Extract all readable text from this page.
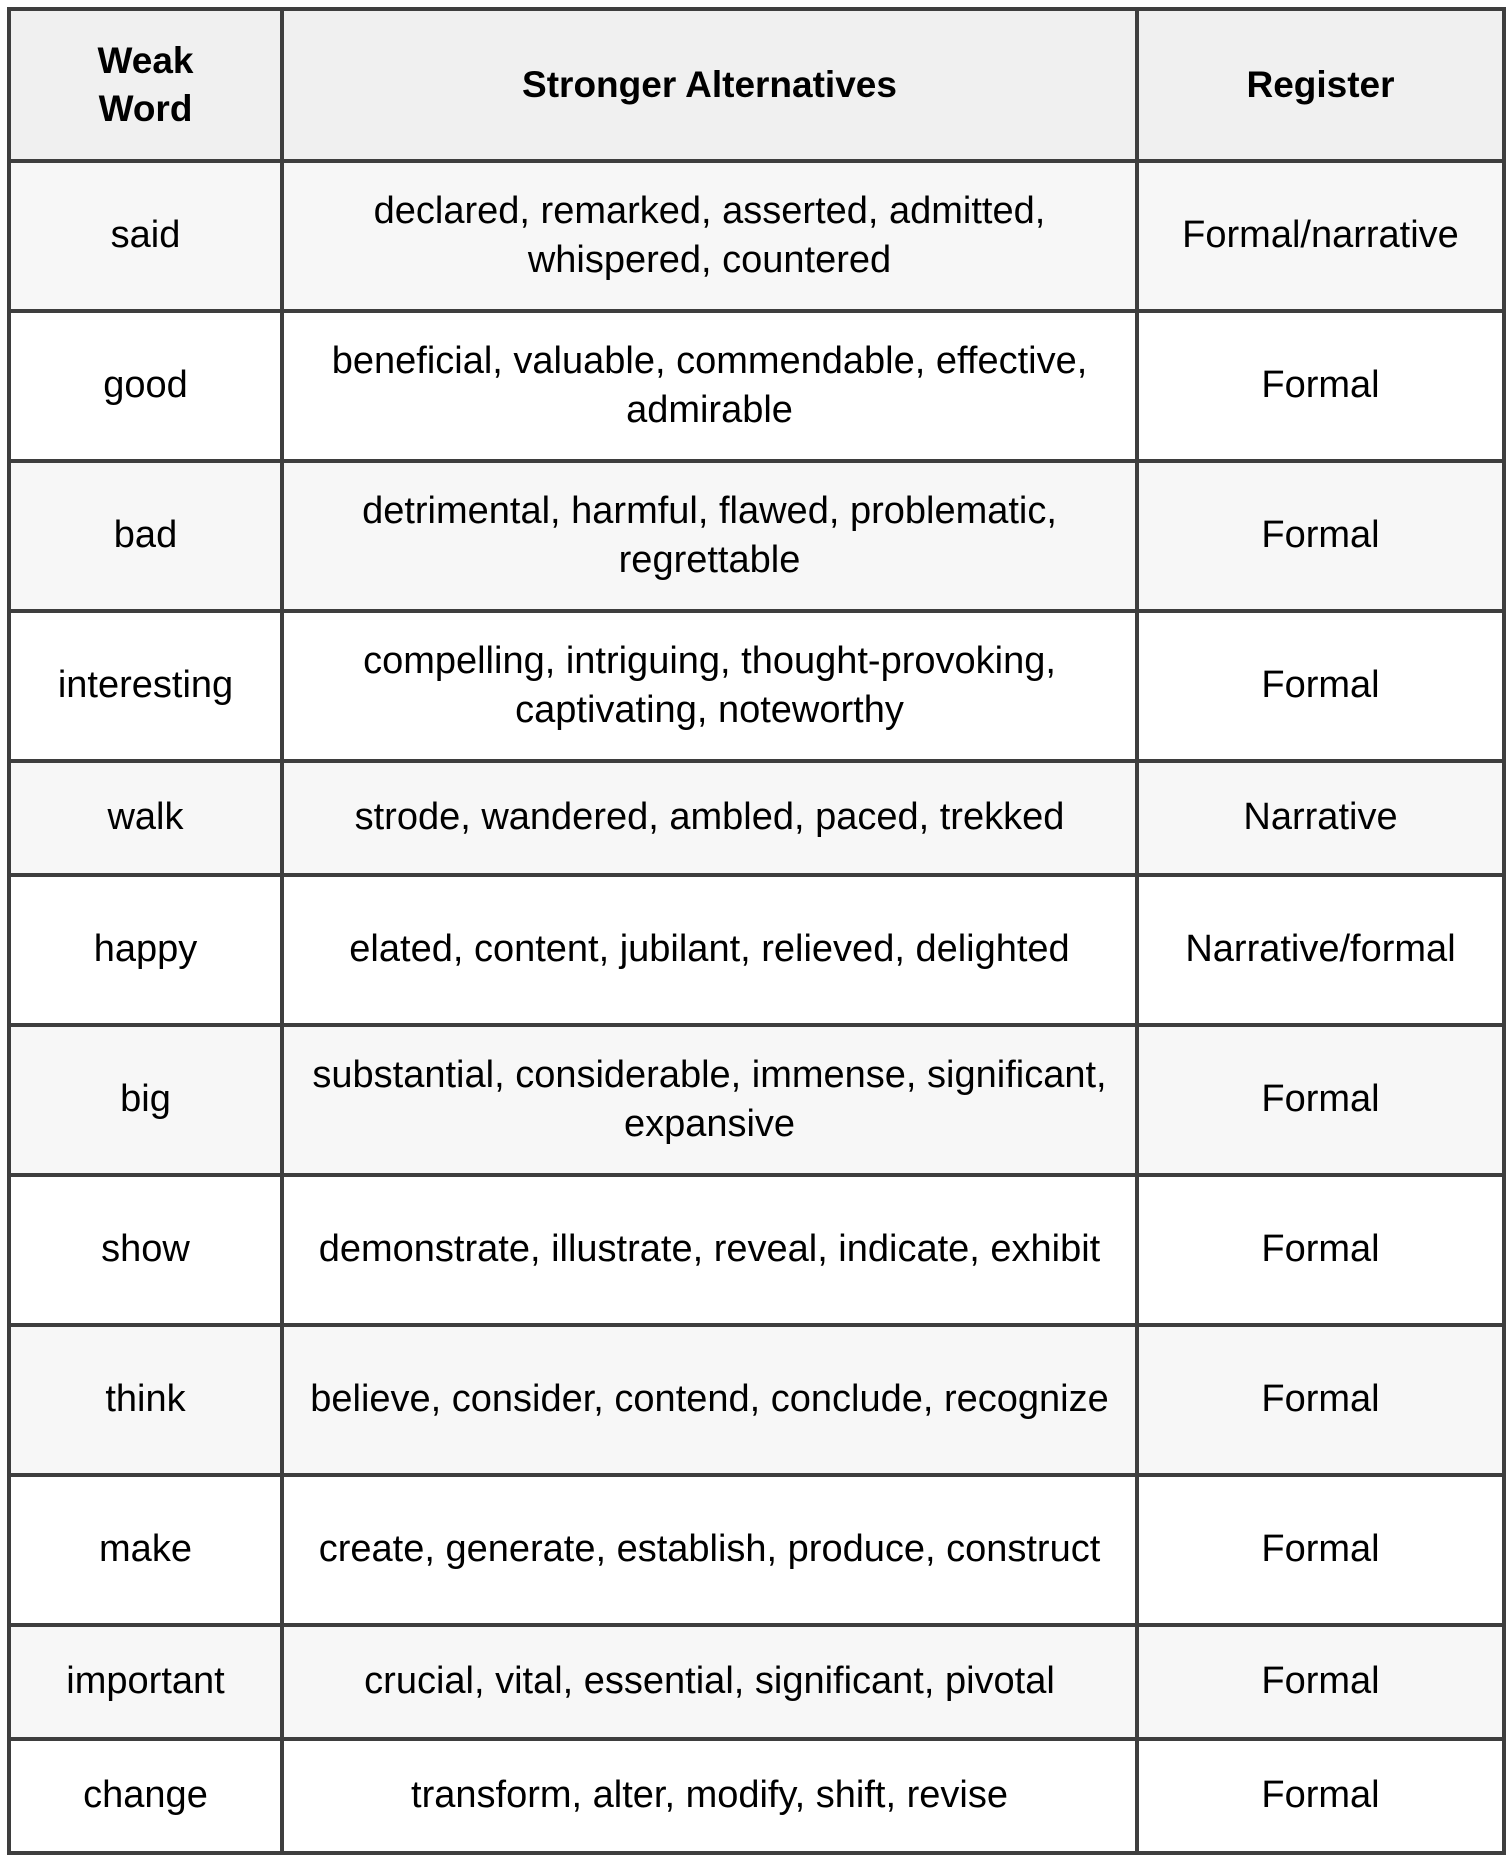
Weak
Word	Stronger Alternatives	Register
said	declared, remarked, asserted, admitted, whispered, countered	Formal/narrative
good	beneficial, valuable, commendable, effective, admirable	Formal
bad	detrimental, harmful, flawed, problematic, regrettable	Formal
interesting	compelling, intriguing, thought-provoking, captivating, noteworthy	Formal
walk	strode, wandered, ambled, paced, trekked	Narrative
happy	elated, content, jubilant, relieved, delighted	Narrative/formal
big	substantial, considerable, immense, significant, expansive	Formal
show	demonstrate, illustrate, reveal, indicate, exhibit	Formal
think	believe, consider, contend, conclude, recognize	Formal
make	create, generate, establish, produce, construct	Formal
important	crucial, vital, essential, significant, pivotal	Formal
change	transform, alter, modify, shift, revise	Formal
